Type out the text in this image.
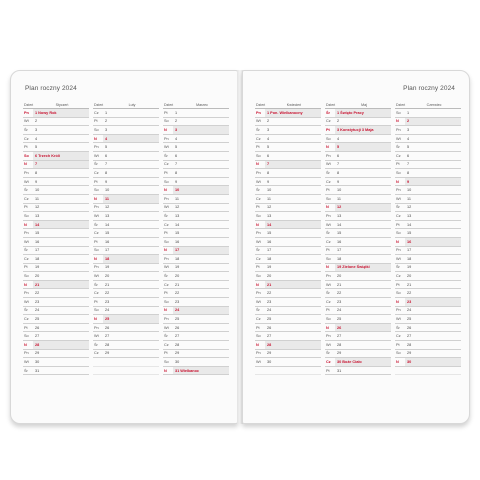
Plan roczny 2024
Dzień	Styczeń
Pn	1 Nowy Rok
Wt	2
Śr	3
Cz	4
Pt	5
So	6 Trzech Króli
N	7
Pn	8
Wt	9
Śr	10
Cz	11
Pt	12
So	13
N	14
Pn	15
Wt	16
Śr	17
Cz	18
Pt	19
So	20
N	21
Pn	22
Wt	23
Śr	24
Cz	25
Pt	26
So	27
N	28
Pn	29
Wt	30
Śr	31
Dzień	Luty
Cz	1
Pt	2
So	3
N	4
Pn	5
Wt	6
Śr	7
Cz	8
Pt	9
So	10
N	11
Pn	12
Wt	13
Śr	14
Cz	15
Pt	16
So	17
N	18
Pn	19
Wt	20
Śr	21
Cz	22
Pt	23
So	24
N	25
Pn	26
Wt	27
Śr	28
Cz	29
Dzień	Marzec
Pt	1
So	2
N	3
Pn	4
Wt	5
Śr	6
Cz	7
Pt	8
So	9
N	10
Pn	11
Wt	12
Śr	13
Cz	14
Pt	15
So	16
N	17
Pn	18
Wt	19
Śr	20
Cz	21
Pt	22
So	23
N	24
Pn	25
Wt	26
Śr	27
Cz	28
Pt	29
So	30
N	31 Wielkanoc
Plan roczny 2024
Dzień	Kwiecień
Pn	1 Pon. Wielkanocny
Wt	2
Śr	3
Cz	4
Pt	5
So	6
N	7
Pn	8
Wt	9
Śr	10
Cz	11
Pt	12
So	13
N	14
Pn	15
Wt	16
Śr	17
Cz	18
Pt	19
So	20
N	21
Pn	22
Wt	23
Śr	24
Cz	25
Pt	26
So	27
N	28
Pn	29
Wt	30
Dzień	Maj
Śr	1 Święto Pracy
Cz	2
Pt	3 Konstytucji 3 Maja
So	4
N	5
Pn	6
Wt	7
Śr	8
Cz	9
Pt	10
So	11
N	12
Pn	13
Wt	14
Śr	15
Cz	16
Pt	17
So	18
N	19 Zielone Świątki
Pn	20
Wt	21
Śr	22
Cz	23
Pt	24
So	25
N	26
Pn	27
Wt	28
Śr	29
Cz	30 Boże Ciało
Pt	31
Dzień	Czerwiec
So	1
N	2
Pn	3
Wt	4
Śr	5
Cz	6
Pt	7
So	8
N	9
Pn	10
Wt	11
Śr	12
Cz	13
Pt	14
So	15
N	16
Pn	17
Wt	18
Śr	19
Cz	20
Pt	21
So	22
N	23
Pn	24
Wt	25
Śr	26
Cz	27
Pt	28
So	29
N	30
